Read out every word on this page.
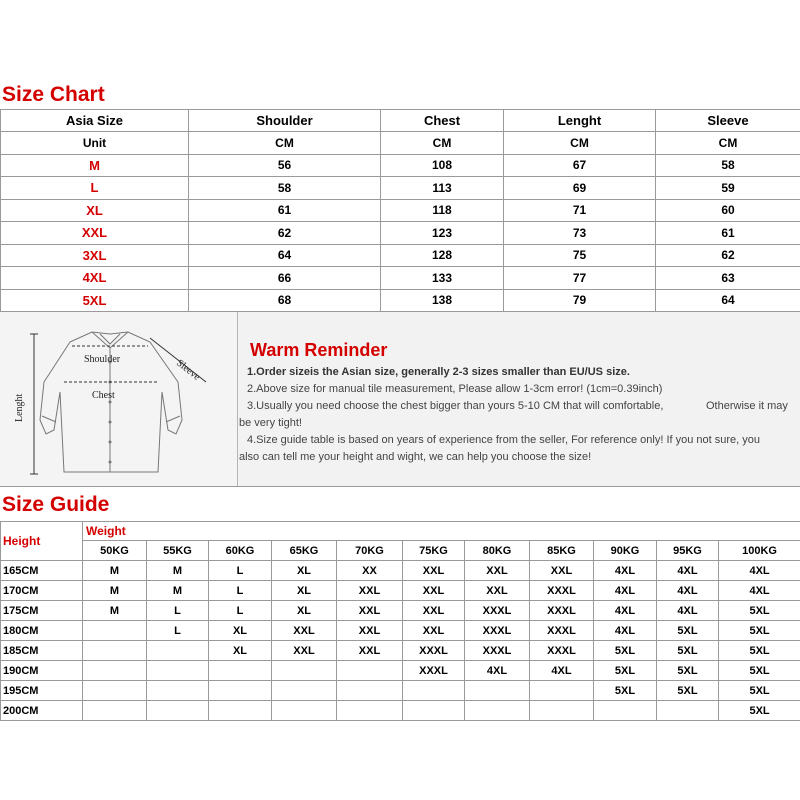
Size Chart
Asia Size	Shoulder	Chest	Lenght	Sleeve
Unit	CM	CM	CM	CM
M	56	108	67	58
L	58	113	69	59
XL	61	118	71	60
XXL	62	123	73	61
3XL	64	128	75	62
4XL	66	133	77	63
5XL	68	138	79	64
Shoulder
Chest
Sleeve
Lenght
Warm Reminder
1.Order sizeis the Asian size, generally 2-3 sizes smaller than EU/US size.
2.Above size for manual tile measurement, Please allow 1-3cm error! (1cm=0.39inch)
3.Usually you need choose the chest bigger than yours 5-10 CM that will comfortable,	Otherwise it may
be very tight!
4.Size guide table is based on years of experience from the seller, For reference only! If you not sure, you
also can tell me your height and wight, we can help you choose the size!
Size Guide
Height	Weight										
	50KG	55KG	60KG	65KG	70KG	75KG	80KG	85KG	90KG	95KG	100KG
165CM	M	M	L	XL	XX	XXL	XXL	XXL	4XL	4XL	4XL
170CM	M	M	L	XL	XXL	XXL	XXL	XXXL	4XL	4XL	4XL
175CM	M	L	L	XL	XXL	XXL	XXXL	XXXL	4XL	4XL	5XL
180CM		L	XL	XXL	XXL	XXL	XXXL	XXXL	4XL	5XL	5XL
185CM			XL	XXL	XXL	XXXL	XXXL	XXXL	5XL	5XL	5XL
190CM						XXXL	4XL	4XL	5XL	5XL	5XL
195CM									5XL	5XL	5XL
200CM											5XL
